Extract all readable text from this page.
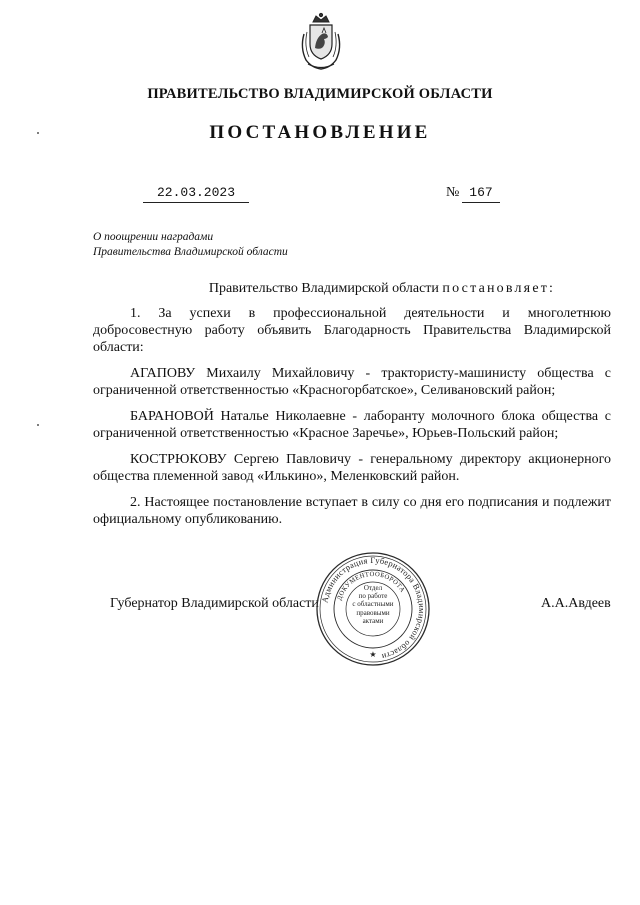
ПРАВИТЕЛЬСТВО ВЛАДИМИРСКОЙ ОБЛАСТИ
ПОСТАНОВЛЕНИЕ
22.03.2023	№ 167
О поощрении наградами
Правительства Владимирской области

Правительство Владимирской области постановляет:

1. За успехи в профессиональной деятельности и многолетнюю добросовестную работу объявить Благодарность Правительства Владимирской области:

АГАПОВУ Михаилу Михайловичу - трактористу-машинисту общества с ограниченной ответственностью «Красногорбатское», Селивановский район;

БАРАНОВОЙ Наталье Николаевне - лаборанту молочного блока общества с ограниченной ответственностью «Красное Заречье», Юрьев-Польский район;

КОСТРЮКОВУ Сергею Павловичу - генеральному директору акционерного общества племенной завод «Илькино», Меленковский район.

2. Настоящее постановление вступает в силу со дня его подписания и подлежит официальному опубликованию.

Губернатор Владимирской области	А.А.Авдеев
Администрация Губернатора Владимирской области
ДОКУМЕНТООБОРОТА
★
Отдел
по работе
с областными
правовыми
актами
